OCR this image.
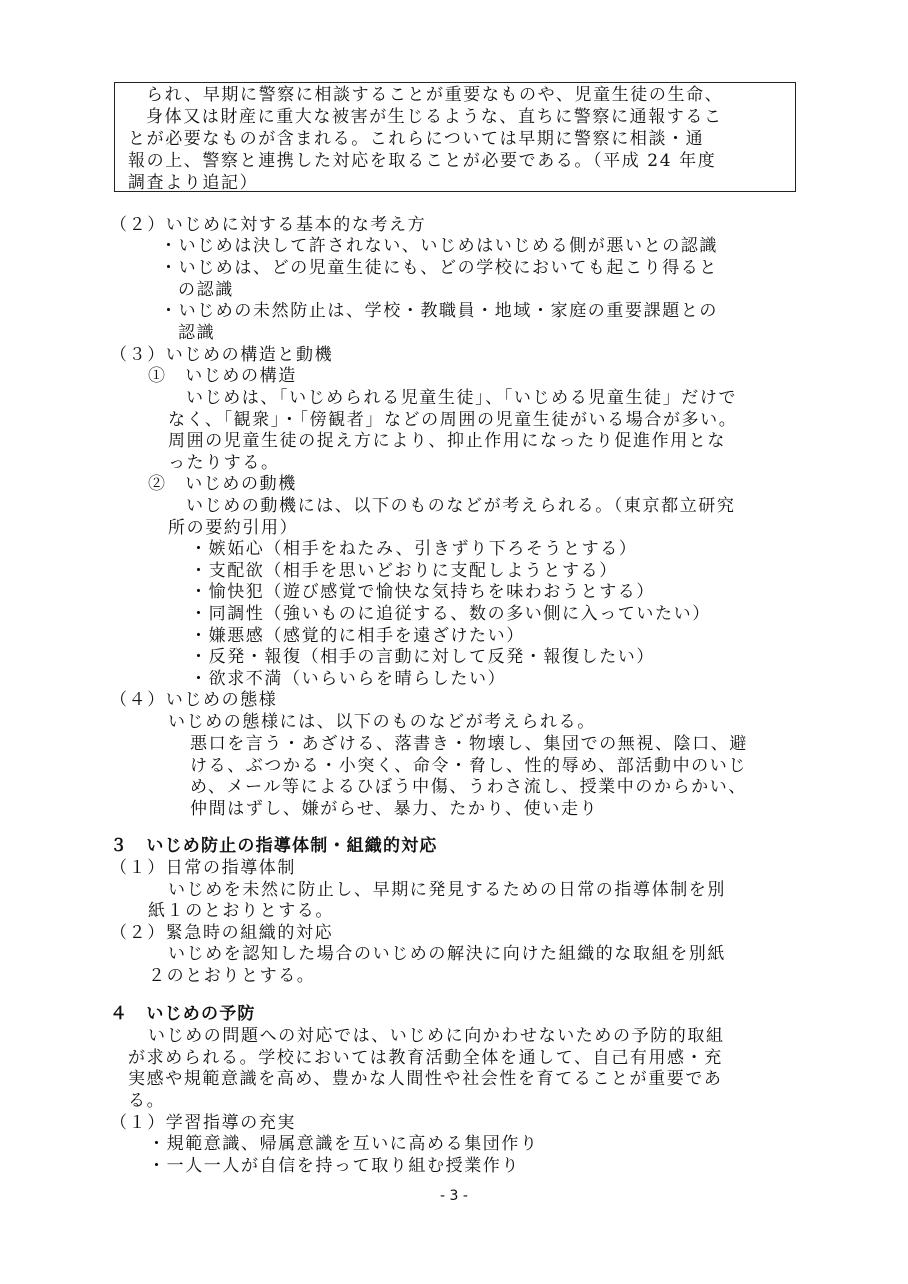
られ、早期に警察に相談することが重要なものや、児童生徒の生命、
身体又は財産に重大な被害が生じるような、直ちに警察に通報するこ
とが必要なものが含まれる。これらについては早期に警察に相談・通
報の上、警察と連携した対応を取ることが必要である。（平成 24 年度
調査より追記）
（２）いじめに対する基本的な考え方
・いじめは決して許されない、いじめはいじめる側が悪いとの認識
・いじめは、どの児童生徒にも、どの学校においても起こり得ると
の認識
・いじめの未然防止は、学校・教職員・地域・家庭の重要課題との
認識
（３）いじめの構造と動機
①　いじめの構造
いじめは、「いじめられる児童生徒」、「いじめる児童生徒」だけで
なく、「観衆」・「傍観者」などの周囲の児童生徒がいる場合が多い。
周囲の児童生徒の捉え方により、抑止作用になったり促進作用とな
ったりする。
②　いじめの動機
いじめの動機には、以下のものなどが考えられる。（東京都立研究
所の要約引用）
・嫉妬心（相手をねたみ、引きずり下ろそうとする）
・支配欲（相手を思いどおりに支配しようとする）
・愉快犯（遊び感覚で愉快な気持ちを味わおうとする）
・同調性（強いものに追従する、数の多い側に入っていたい）
・嫌悪感（感覚的に相手を遠ざけたい）
・反発・報復（相手の言動に対して反発・報復したい）
・欲求不満（いらいらを晴らしたい）
（４）いじめの態様
いじめの態様には、以下のものなどが考えられる。
悪口を言う・あざける、落書き・物壊し、集団での無視、陰口、避
ける、ぶつかる・小突く、命令・脅し、性的辱め、部活動中のいじ
め、メール等によるひぼう中傷、うわさ流し、授業中のからかい、
仲間はずし、嫌がらせ、暴力、たかり、使い走り
３　いじめ防止の指導体制・組織的対応
（１）日常の指導体制
いじめを未然に防止し、早期に発見するための日常の指導体制を別
紙１のとおりとする。
（２）緊急時の組織的対応
いじめを認知した場合のいじめの解決に向けた組織的な取組を別紙
２のとおりとする。
４　いじめの予防
いじめの問題への対応では、いじめに向かわせないための予防的取組
が求められる。学校においては教育活動全体を通して、自己有用感・充
実感や規範意識を高め、豊かな人間性や社会性を育てることが重要であ
る。
（１）学習指導の充実
・規範意識、帰属意識を互いに高める集団作り
・一人一人が自信を持って取り組む授業作り
- 3 -
